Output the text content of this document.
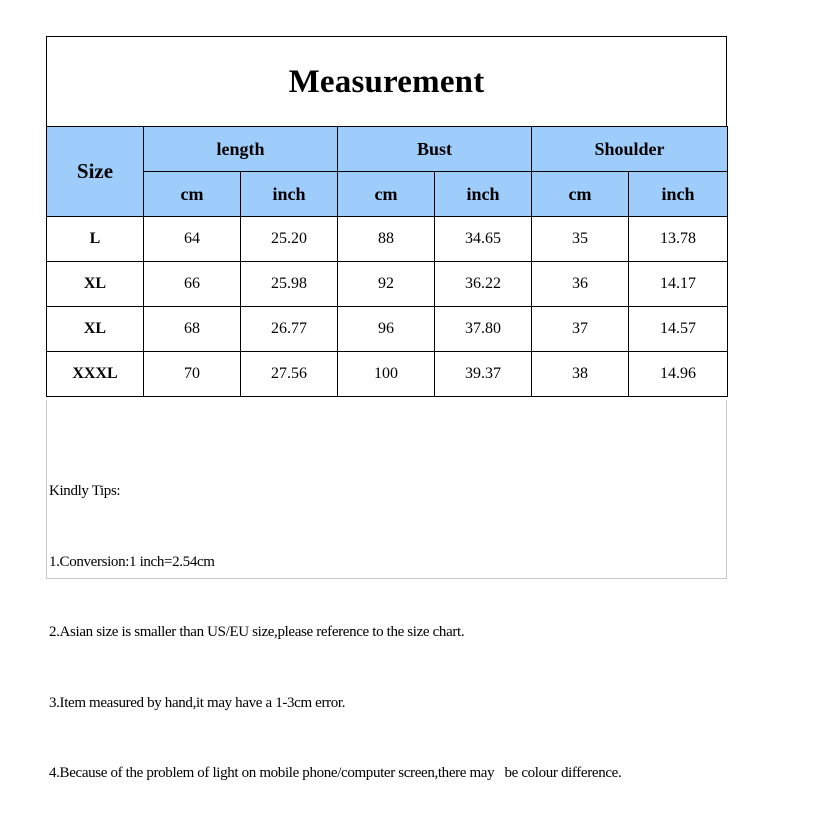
Measurement
Size	length		Bust		Shoulder	
	cm	inch	cm	inch	cm	inch
L	64	25.20	88	34.65	35	13.78
XL	66	25.98	92	36.22	36	14.17
XL	68	26.77	96	37.80	37	14.57
XXXL	70	27.56	100	39.37	38	14.96

Kindly Tips:

1.Conversion:1 inch=2.54cm

2.Asian size is smaller than US/EU size,please reference to the size chart.

3.Item measured by hand,it may have a 1-3cm error.

4.Because of the problem of light on mobile phone/computer screen,there may   be colour difference.
